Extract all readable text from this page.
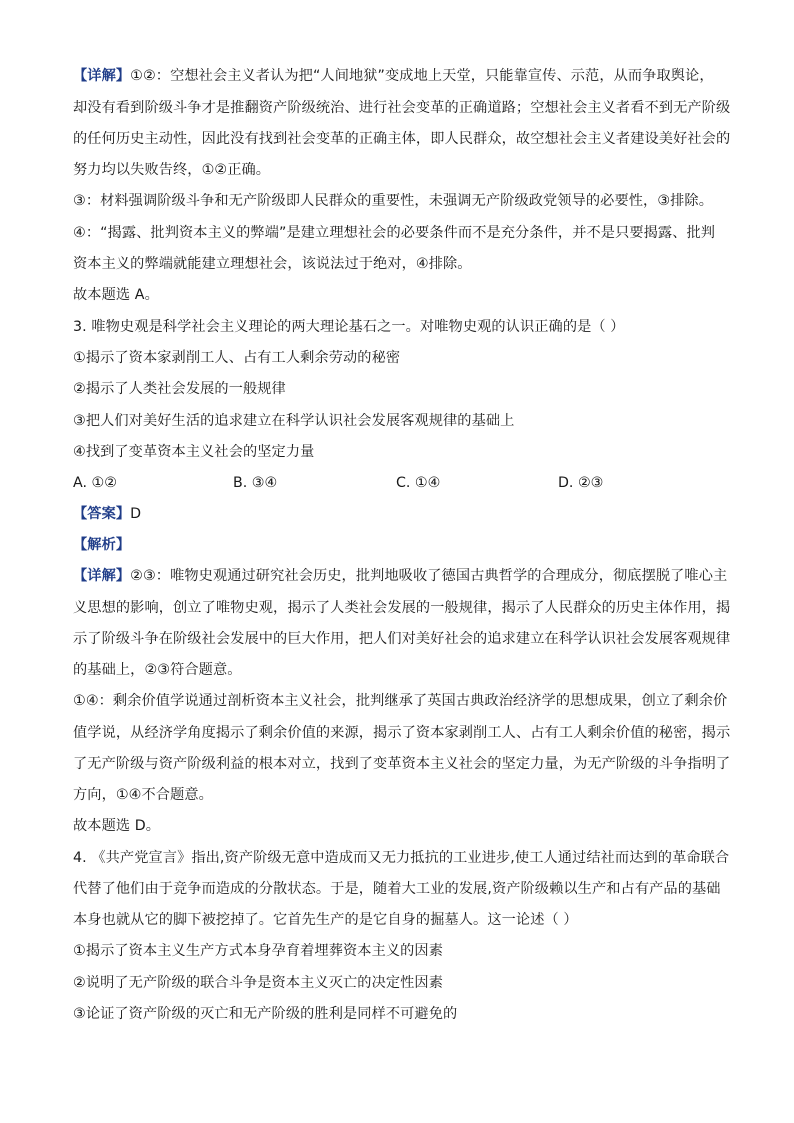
【详解】①②：空想社会主义者认为把“人间地狱”变成地上天堂，只能靠宣传、示范，从而争取舆论，
却没有看到阶级斗争才是推翻资产阶级统治、进行社会变革的正确道路；空想社会主义者看不到无产阶级
的任何历史主动性，因此没有找到社会变革的正确主体，即人民群众，故空想社会主义者建设美好社会的
努力均以失败告终，①②正确。
③：材料强调阶级斗争和无产阶级即人民群众的重要性，未强调无产阶级政党领导的必要性，③排除。
④：“揭露、批判资本主义的弊端”是建立理想社会的必要条件而不是充分条件，并不是只要揭露、批判
资本主义的弊端就能建立理想社会，该说法过于绝对，④排除。
故本题选 A。
3. 唯物史观是科学社会主义理论的两大理论基石之一。对唯物史观的认识正确的是（ ）
①揭示了资本家剥削工人、占有工人剩余劳动的秘密
②揭示了人类社会发展的一般规律
③把人们对美好生活的追求建立在科学认识社会发展客观规律的基础上
④找到了变革资本主义社会的坚定力量
A. ①②	B. ③④	C. ①④	D. ②③
【答案】D
【解析】
【详解】②③：唯物史观通过研究社会历史，批判地吸收了德国古典哲学的合理成分，彻底摆脱了唯心主
义思想的影响，创立了唯物史观，揭示了人类社会发展的一般规律，揭示了人民群众的历史主体作用，揭
示了阶级斗争在阶级社会发展中的巨大作用，把人们对美好社会的追求建立在科学认识社会发展客观规律
的基础上，②③符合题意。
①④：剩余价值学说通过剖析资本主义社会，批判继承了英国古典政治经济学的思想成果，创立了剩余价
值学说，从经济学角度揭示了剩余价值的来源，揭示了资本家剥削工人、占有工人剩余价值的秘密，揭示
了无产阶级与资产阶级利益的根本对立，找到了变革资本主义社会的坚定力量，为无产阶级的斗争指明了
方向，①④不合题意。
故本题选 D。
4. 《共产党宣言》指出,资产阶级无意中造成而又无力抵抗的工业进步,使工人通过结社而达到的革命联合
代替了他们由于竞争而造成的分散状态。于是，随着大工业的发展,资产阶级赖以生产和占有产品的基础
本身也就从它的脚下被挖掉了。它首先生产的是它自身的掘墓人。这一论述（ ）
①揭示了资本主义生产方式本身孕育着埋葬资本主义的因素
②说明了无产阶级的联合斗争是资本主义灭亡的决定性因素
③论证了资产阶级的灭亡和无产阶级的胜利是同样不可避免的
